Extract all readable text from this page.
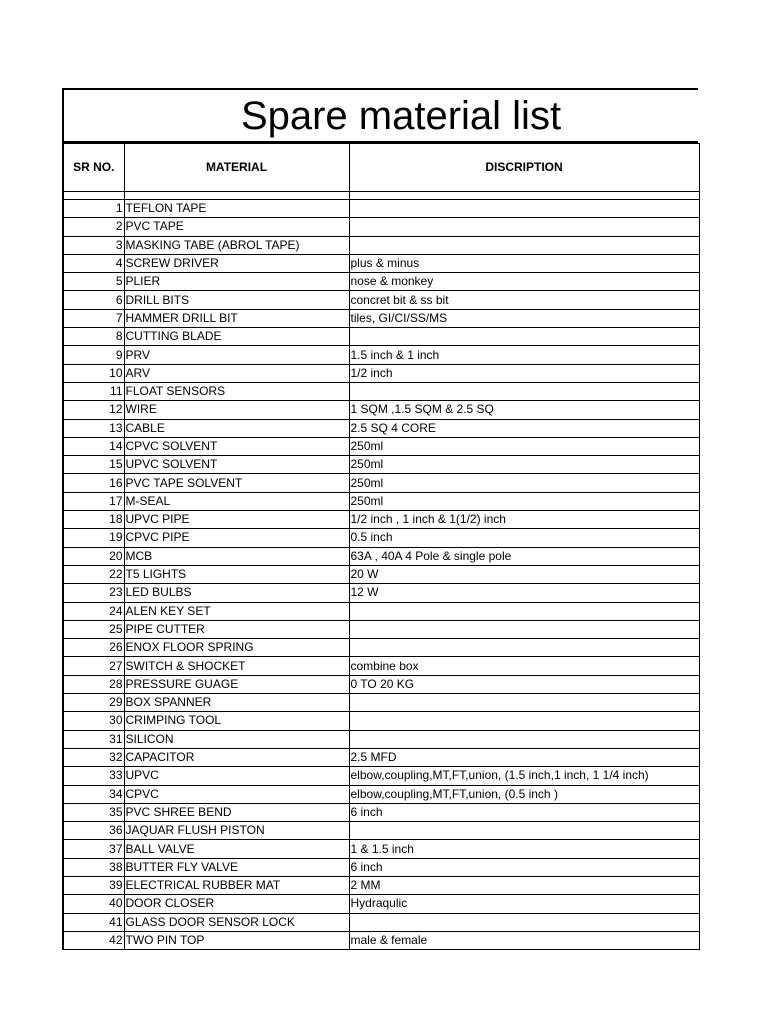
Spare material list
SR NO.	MATERIAL	DISCRIPTION

1	TEFLON TAPE	
2	PVC TAPE	
3	MASKING TABE (ABROL TAPE)	
4	SCREW DRIVER	plus & minus
5	PLIER	nose & monkey
6	DRILL BITS	concret bit & ss bit
7	HAMMER DRILL BIT	tiles, GI/CI/SS/MS
8	CUTTING BLADE	
9	PRV	1.5 inch & 1 inch
10	ARV	1/2 inch
11	FLOAT SENSORS	
12	WIRE	1 SQM ,1.5 SQM & 2.5 SQ
13	CABLE	2.5 SQ 4 CORE
14	CPVC SOLVENT	250ml
15	UPVC SOLVENT	250ml
16	PVC TAPE SOLVENT	250ml
17	M-SEAL	250ml
18	UPVC PIPE	1/2 inch , 1 inch & 1(1/2) inch
19	CPVC PIPE	0.5 inch
20	MCB	63A , 40A 4 Pole & single pole
22	T5 LIGHTS	20 W
23	LED BULBS	12 W
24	ALEN KEY SET	
25	PIPE CUTTER	
26	ENOX FLOOR SPRING	
27	SWITCH & SHOCKET	combine box
28	PRESSURE GUAGE	0 TO 20 KG
29	BOX SPANNER	
30	CRIMPING TOOL	
31	SILICON	
32	CAPACITOR	2.5 MFD
33	UPVC	elbow,coupling,MT,FT,union, (1.5 inch,1 inch, 1 1/4 inch)
34	CPVC	elbow,coupling,MT,FT,union, (0.5 inch )
35	PVC SHREE BEND	6 inch
36	JAQUAR FLUSH PISTON	
37	BALL VALVE	1 & 1.5 inch
38	BUTTER FLY VALVE	6 inch
39	ELECTRICAL RUBBER MAT	2 MM
40	DOOR CLOSER	Hydraqulic
41	GLASS DOOR SENSOR LOCK	
42	TWO PIN TOP	male & female
